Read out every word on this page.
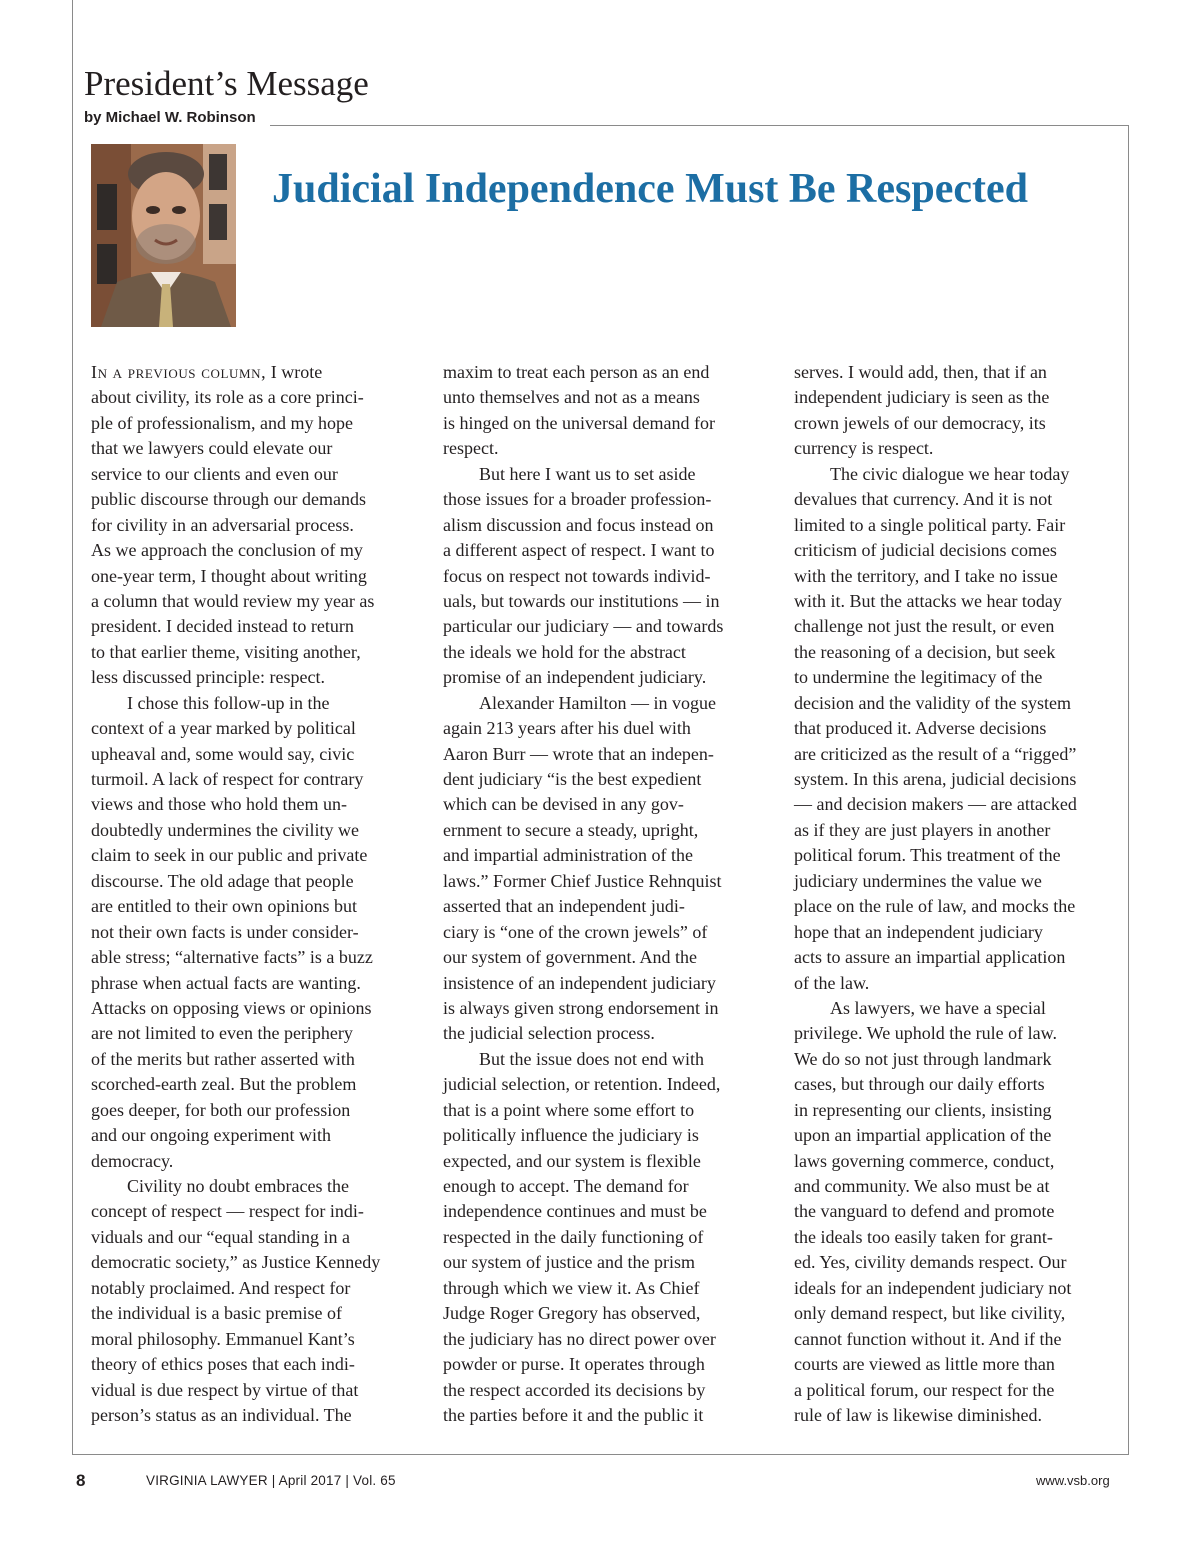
President’s Message
by Michael W. Robinson
Judicial Independence Must Be Respected
In a previous column, I wrote
about civility, its role as a core princi-
ple of professionalism, and my hope
that we lawyers could elevate our
service to our clients and even our
public discourse through our demands
for civility in an adversarial process.
As we approach the conclusion of my
one-year term, I thought about writing
a column that would review my year as
president. I decided instead to return
to that earlier theme, visiting another,
less discussed principle: respect.
I chose this follow-up in the
context of a year marked by political
upheaval and, some would say, civic
turmoil. A lack of respect for contrary
views and those who hold them un-
doubtedly undermines the civility we
claim to seek in our public and private
discourse. The old adage that people
are entitled to their own opinions but
not their own facts is under consider-
able stress; “alternative facts” is a buzz
phrase when actual facts are wanting.
Attacks on opposing views or opinions
are not limited to even the periphery
of the merits but rather asserted with
scorched-earth zeal. But the problem
goes deeper, for both our profession
and our ongoing experiment with
democracy.
Civility no doubt embraces the
concept of respect — respect for indi-
viduals and our “equal standing in a
democratic society,” as Justice Kennedy
notably proclaimed. And respect for
the individual is a basic premise of
moral philosophy. Emmanuel Kant’s
theory of ethics poses that each indi-
vidual is due respect by virtue of that
person’s status as an individual. The
maxim to treat each person as an end
unto themselves and not as a means
is hinged on the universal demand for
respect.
But here I want us to set aside
those issues for a broader profession-
alism discussion and focus instead on
a different aspect of respect. I want to
focus on respect not towards individ-
uals, but towards our institutions — in
particular our judiciary — and towards
the ideals we hold for the abstract
promise of an independent judiciary.
Alexander Hamilton — in vogue
again 213 years after his duel with
Aaron Burr — wrote that an indepen-
dent judiciary “is the best expedient
which can be devised in any gov-
ernment to secure a steady, upright,
and impartial administration of the
laws.” Former Chief Justice Rehnquist
asserted that an independent judi-
ciary is “one of the crown jewels” of
our system of government. And the
insistence of an independent judiciary
is always given strong endorsement in
the judicial selection process.
But the issue does not end with
judicial selection, or retention. Indeed,
that is a point where some effort to
politically influence the judiciary is
expected, and our system is flexible
enough to accept. The demand for
independence continues and must be
respected in the daily functioning of
our system of justice and the prism
through which we view it. As Chief
Judge Roger Gregory has observed,
the judiciary has no direct power over
powder or purse. It operates through
the respect accorded its decisions by
the parties before it and the public it
serves. I would add, then, that if an
independent judiciary is seen as the
crown jewels of our democracy, its
currency is respect.
The civic dialogue we hear today
devalues that currency. And it is not
limited to a single political party. Fair
criticism of judicial decisions comes
with the territory, and I take no issue
with it. But the attacks we hear today
challenge not just the result, or even
the reasoning of a decision, but seek
to undermine the legitimacy of the
decision and the validity of the system
that produced it. Adverse decisions
are criticized as the result of a “rigged”
system. In this arena, judicial decisions
— and decision makers — are attacked
as if they are just players in another
political forum. This treatment of the
judiciary undermines the value we
place on the rule of law, and mocks the
hope that an independent judiciary
acts to assure an impartial application
of the law.
As lawyers, we have a special
privilege. We uphold the rule of law.
We do so not just through landmark
cases, but through our daily efforts
in representing our clients, insisting
upon an impartial application of the
laws governing commerce, conduct,
and community. We also must be at
the vanguard to defend and promote
the ideals too easily taken for grant-
ed. Yes, civility demands respect. Our
ideals for an independent judiciary not
only demand respect, but like civility,
cannot function without it. And if the
courts are viewed as little more than
a political forum, our respect for the
rule of law is likewise diminished.
8	VIRGINIA LAWYER | April 2017 | Vol. 65	www.vsb.org
